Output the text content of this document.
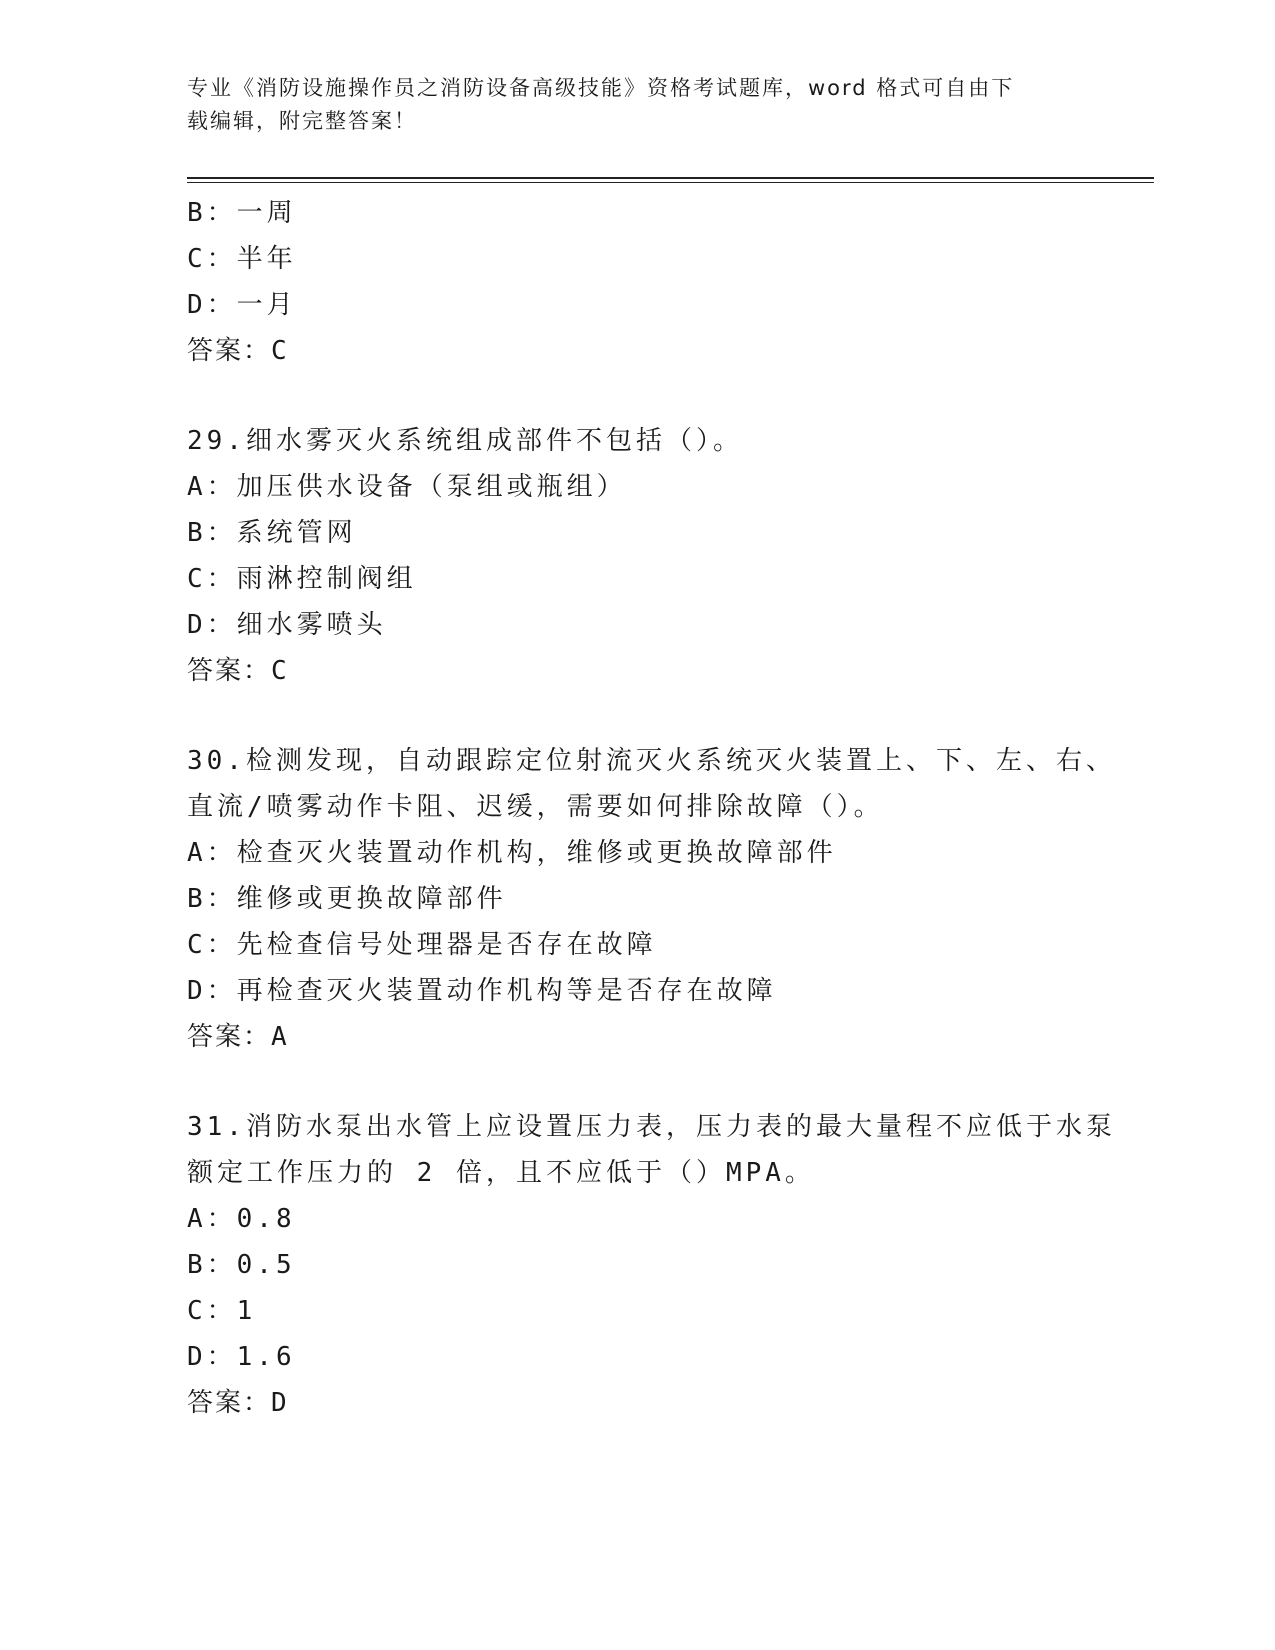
专业《消防设施操作员之消防设备高级技能》资格考试题库，word 格式可自由下
载编辑，附完整答案！
B：一周
C：半年
D：一月
答案：C
29.细水雾灭火系统组成部件不包括（）。
A：加压供水设备（泵组或瓶组）
B：系统管网
C：雨淋控制阀组
D：细水雾喷头
答案：C
30.检测发现，自动跟踪定位射流灭火系统灭火装置上、下、左、右、
直流/喷雾动作卡阻、迟缓，需要如何排除故障（）。
A：检查灭火装置动作机构，维修或更换故障部件
B：维修或更换故障部件
C：先检查信号处理器是否存在故障
D：再检查灭火装置动作机构等是否存在故障
答案：A
31.消防水泵出水管上应设置压力表，压力表的最大量程不应低于水泵
额定工作压力的 2 倍，且不应低于（）MPA。
A：0.8
B：0.5
C：1
D：1.6
答案：D
